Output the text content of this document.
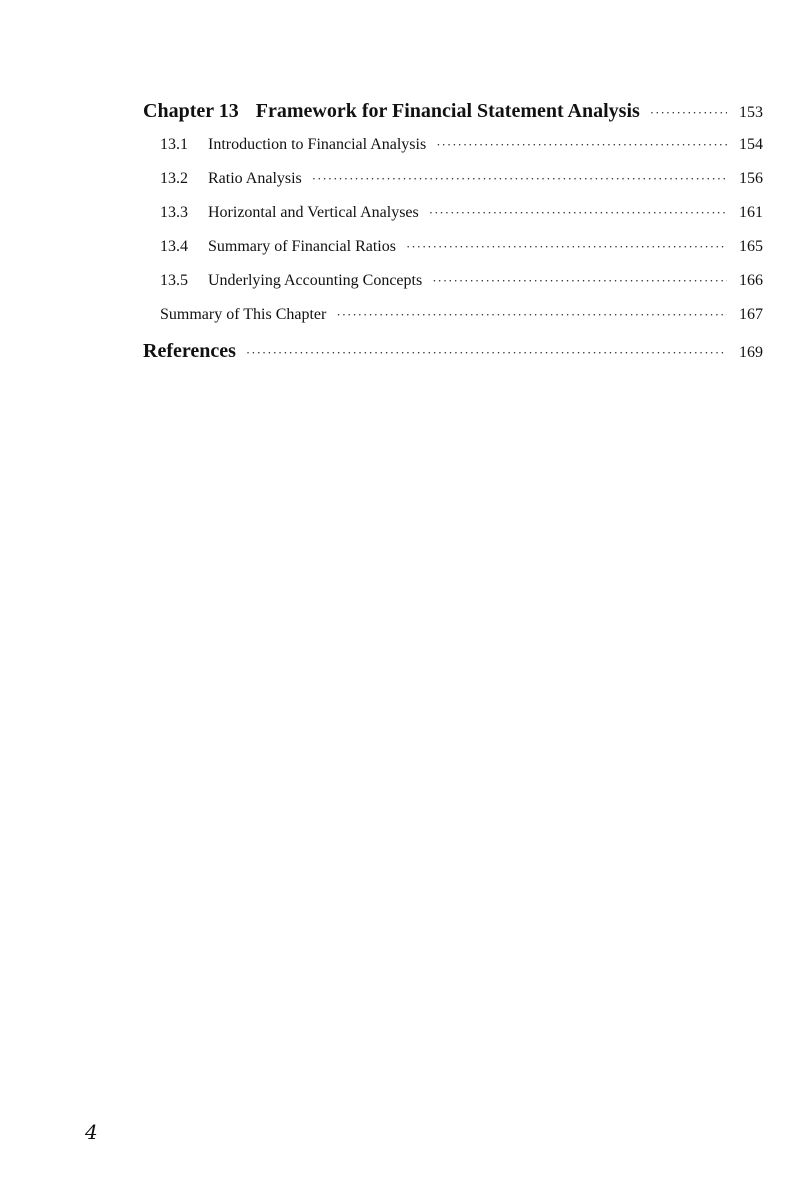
Chapter 13 Framework for Financial Statement Analysis ·····	153
13.1	Introduction to Financial Analysis ·····	154
13.2	Ratio Analysis ·····	156
13.3	Horizontal and Vertical Analyses ·····	161
13.4	Summary of Financial Ratios ·····	165
13.5	Underlying Accounting Concepts ·····	166
Summary of This Chapter ·····	167
References ·····	169
4
